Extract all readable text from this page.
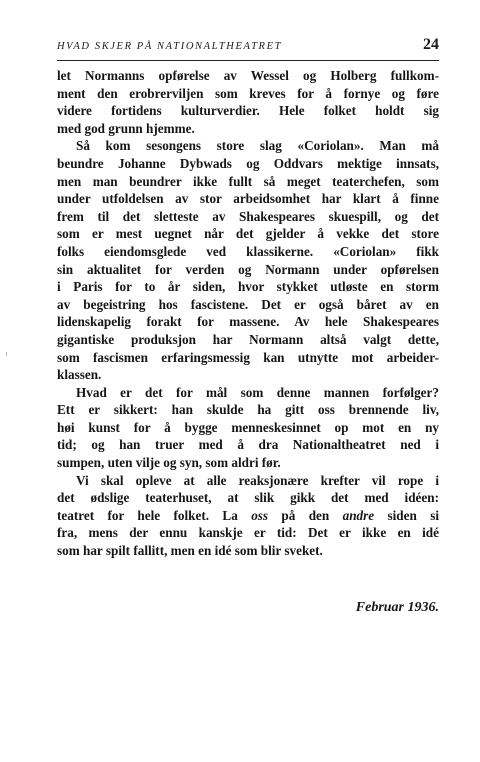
HVAD SKJER PÅ NATIONALTHEATRET	24

let Normanns opførelse av Wessel og Holberg fullkom-

ment den erobrerviljen som kreves for å fornye og føre

videre fortidens kulturverdier. Hele folket holdt sig

med god grunn hjemme.

Så kom sesongens store slag «Coriolan». Man må

beundre Johanne Dybwads og Oddvars mektige innsats,

men man beundrer ikke fullt så meget teaterchefen, som

under utfoldelsen av stor arbeidsomhet har klart å finne

frem til det sletteste av Shakespeares skuespill, og det

som er mest uegnet når det gjelder å vekke det store

folks eiendomsglede ved klassikerne. «Coriolan» fikk

sin aktualitet for verden og Normann under opførelsen

i Paris for to år siden, hvor stykket utløste en storm

av begeistring hos fascistene. Det er også båret av en

lidenskapelig forakt for massene. Av hele Shakespeares

gigantiske produksjon har Normann altså valgt dette,

som fascismen erfaringsmessig kan utnytte mot arbeider-

klassen.

Hvad er det for mål som denne mannen forfølger?

Ett er sikkert: han skulde ha gitt oss brennende liv,

høi kunst for å bygge menneskesinnet op mot en ny

tid; og han truer med å dra Nationaltheatret ned i

sumpen, uten vilje og syn, som aldri før.

Vi skal opleve at alle reaksjonære krefter vil rope i

det ødslige teaterhuset, at slik gikk det med idéen:

teatret for hele folket. La oss på den andre siden si

fra, mens der ennu kanskje er tid: Det er ikke en idé

som har spilt fallitt, men en idé som blir sveket.

Februar 1936.
